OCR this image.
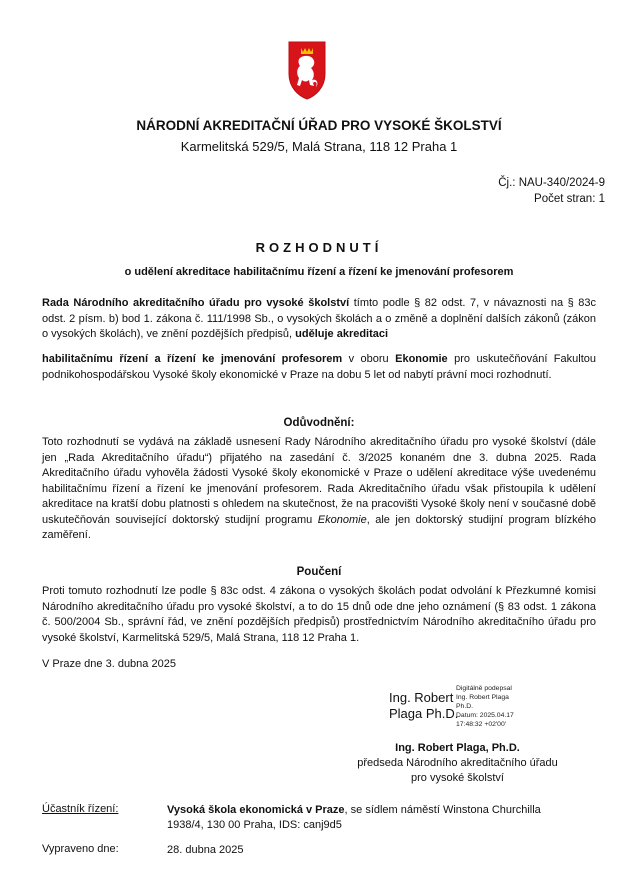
NÁRODNÍ AKREDITAČNÍ ÚŘAD PRO VYSOKÉ ŠKOLSTVÍ
Karmelitská 529/5, Malá Strana, 118 12 Praha 1
Čj.: NAU-340/2024-9
Počet stran: 1
ROZHODNUTÍ
o udělení akreditace habilitačnímu řízení a řízení ke jmenování profesorem
Rada Národního akreditačního úřadu pro vysoké školství tímto podle § 82 odst. 7, v návaznosti na § 83c odst. 2 písm. b) bod 1. zákona č. 111/1998 Sb., o vysokých školách a o změně a doplnění dalších zákonů (zákon o vysokých školách), ve znění pozdějších předpisů, uděluje akreditaci
habilitačnímu řízení a řízení ke jmenování profesorem v oboru Ekonomie pro uskutečňování Fakultou podnikohospodářskou Vysoké školy ekonomické v Praze na dobu 5 let od nabytí právní moci rozhodnutí.
Odůvodnění:
Toto rozhodnutí se vydává na základě usnesení Rady Národního akreditačního úřadu pro vysoké školství (dále jen „Rada Akreditačního úřadu“) přijatého na zasedání č. 3/2025 konaném dne 3. dubna 2025. Rada Akreditačního úřadu vyhověla žádosti Vysoké školy ekonomické v Praze o udělení akreditace výše uvedenému habilitačnímu řízení a řízení ke jmenování profesorem. Rada Akreditačního úřadu však přistoupila k udělení akreditace na kratší dobu platnosti s ohledem na skutečnost, že na pracovišti Vysoké školy není v současné době uskutečňován související doktorský studijní programu Ekonomie, ale jen doktorský studijní program blízkého zaměření.
Poučení
Proti tomuto rozhodnutí lze podle § 83c odst. 4 zákona o vysokých školách podat odvolání k Přezkumné komisi Národního akreditačního úřadu pro vysoké školství, a to do 15 dnů ode dne jeho oznámení (§ 83 odst. 1 zákona č. 500/2004 Sb., správní řád, ve znění pozdějších předpisů) prostřednictvím Národního akreditačního úřadu pro vysoké školství, Karmelitská 529/5, Malá Strana, 118 12 Praha 1.
V Praze dne 3. dubna 2025
Ing. Robert
Plaga Ph.D.
Digitálně podepsal
Ing. Robert Plaga
Ph.D.
Datum: 2025.04.17
17:48:32 +02'00'
Ing. Robert Plaga, Ph.D.
předseda Národního akreditačního úřadu
pro vysoké školství
Účastník řízení:	Vysoká škola ekonomická v Praze, se sídlem náměstí Winstona Churchilla
1938/4, 130 00 Praha, IDS: canj9d5
Vypraveno dne:	28. dubna 2025
